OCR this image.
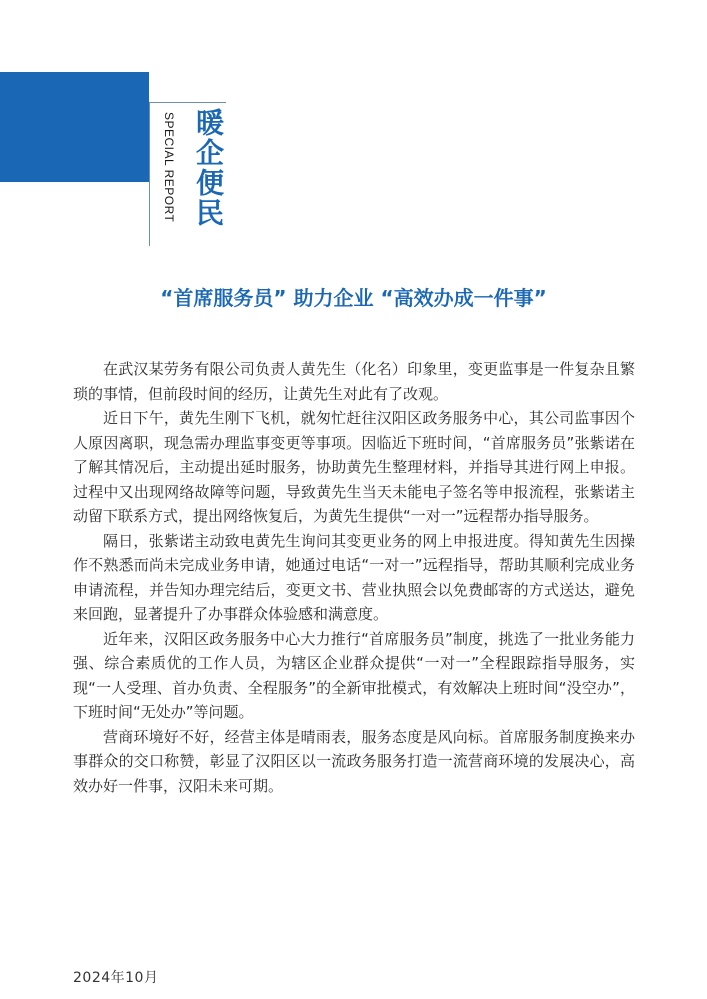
SPECIAL REPORT 暖企便民
“首席服务员” 助力企业 “高效办成一件事”

在武汉某劳务有限公司负责人黄先生（化名）印象里，变更监事是一件复杂且繁琐的事情，但前段时间的经历，让黄先生对此有了改观。

近日下午，黄先生刚下飞机，就匆忙赶往汉阳区政务服务中心，其公司监事因个人原因离职，现急需办理监事变更等事项。因临近下班时间，“首席服务员”张紫诺在了解其情况后，主动提出延时服务，协助黄先生整理材料，并指导其进行网上申报。过程中又出现网络故障等问题，导致黄先生当天未能电子签名等申报流程，张紫诺主动留下联系方式，提出网络恢复后，为黄先生提供“一对一”远程帮办指导服务。

隔日，张紫诺主动致电黄先生询问其变更业务的网上申报进度。得知黄先生因操作不熟悉而尚未完成业务申请，她通过电话“一对一”远程指导，帮助其顺利完成业务申请流程，并告知办理完结后，变更文书、营业执照会以免费邮寄的方式送达，避免来回跑，显著提升了办事群众体验感和满意度。

近年来，汉阳区政务服务中心大力推行“首席服务员”制度，挑选了一批业务能力强、综合素质优的工作人员，为辖区企业群众提供“一对一”全程跟踪指导服务，实现“一人受理、首办负责、全程服务”的全新审批模式，有效解决上班时间“没空办”，下班时间“无处办”等问题。

营商环境好不好，经营主体是晴雨表，服务态度是风向标。首席服务制度换来办事群众的交口称赞，彰显了汉阳区以一流政务服务打造一流营商环境的发展决心，高效办好一件事，汉阳未来可期。

2024年10月
